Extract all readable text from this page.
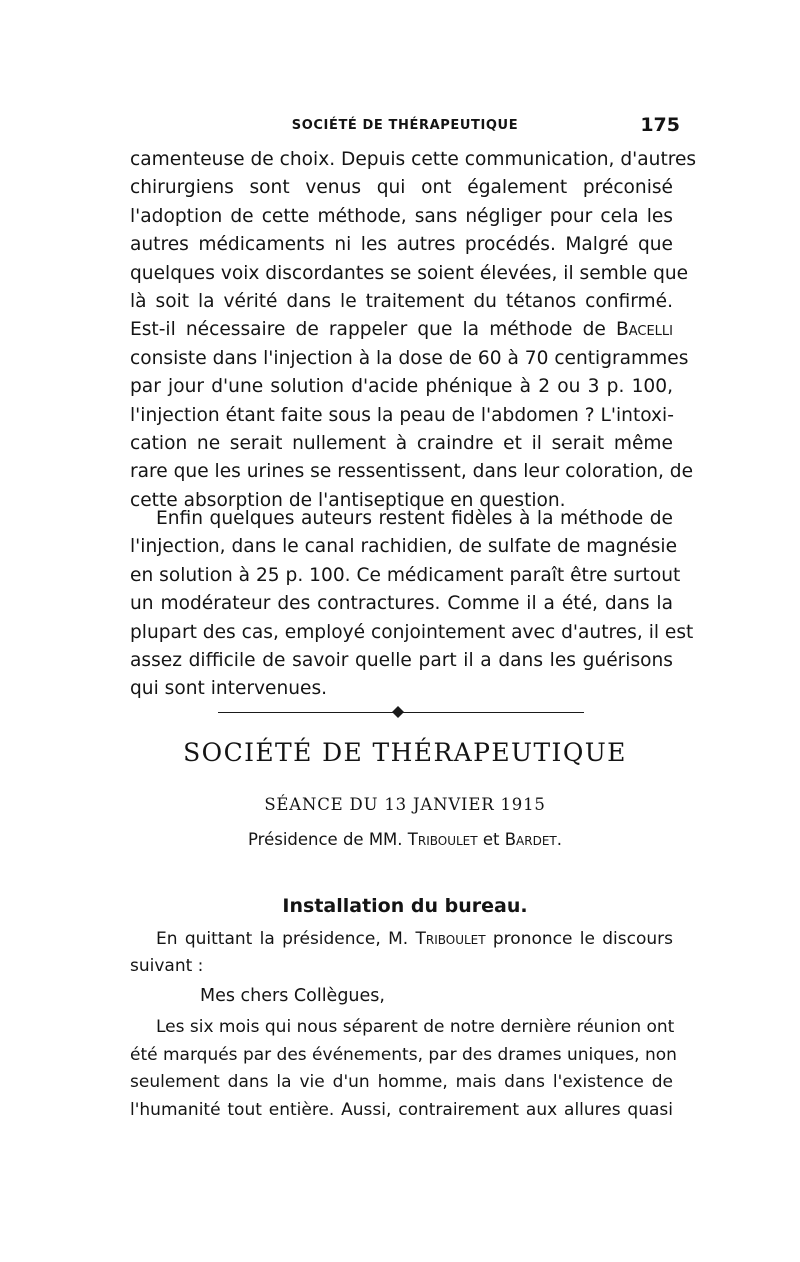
SOCIÉTÉ DE THÉRAPEUTIQUE	175
camenteuse de choix. Depuis cette communication, d'autres
chirurgiens sont venus qui ont également préconisé
l'adoption de cette méthode, sans négliger pour cela les
autres médicaments ni les autres procédés. Malgré que
quelques voix discordantes se soient élevées, il semble que
là soit la vérité dans le traitement du tétanos confirmé.
Est-il nécessaire de rappeler que la méthode de Bacelli
consiste dans l'injection à la dose de 60 à 70 centigrammes
par jour d'une solution d'acide phénique à 2 ou 3 p. 100,
l'injection étant faite sous la peau de l'abdomen ? L'intoxi-
cation ne serait nullement à craindre et il serait même
rare que les urines se ressentissent, dans leur coloration, de
cette absorption de l'antiseptique en question.
Enfin quelques auteurs restent fidèles à la méthode de
l'injection, dans le canal rachidien, de sulfate de magnésie
en solution à 25 p. 100. Ce médicament paraît être surtout
un modérateur des contractures. Comme il a été, dans la
plupart des cas, employé conjointement avec d'autres, il est
assez difficile de savoir quelle part il a dans les guérisons
qui sont intervenues.
SOCIÉTÉ DE THÉRAPEUTIQUE
SÉANCE DU 13 JANVIER 1915
Présidence de MM. Triboulet et Bardet.
Installation du bureau.
En quittant la présidence, M. Triboulet prononce le discours
suivant :
Mes chers Collègues,
Les six mois qui nous séparent de notre dernière réunion ont
été marqués par des événements, par des drames uniques, non
seulement dans la vie d'un homme, mais dans l'existence de
l'humanité tout entière. Aussi, contrairement aux allures quasi
